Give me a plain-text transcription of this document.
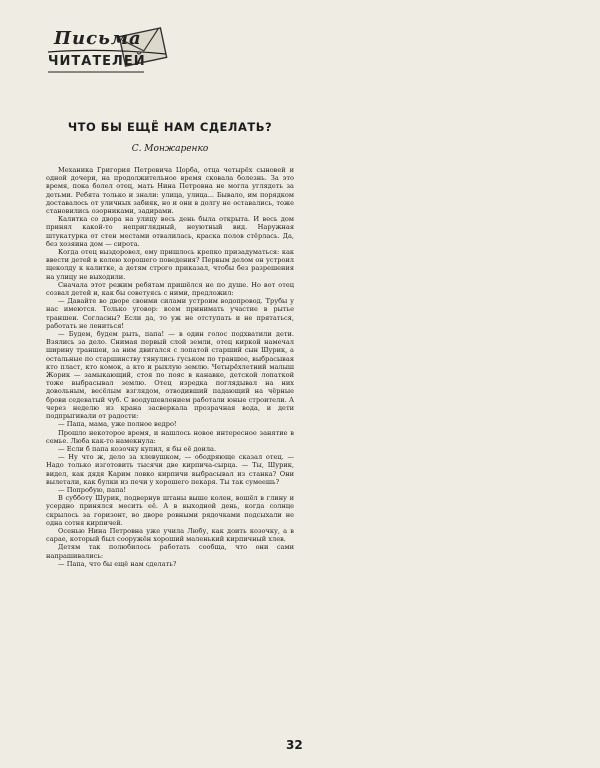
Письма
ЧИТАТЕЛЕЙ
ЧТО БЫ ЕЩЁ НАМ СДЕЛАТЬ?
С. Монжаренко

Механика Григория Петровича Цорба, отца четырёх сыновей и одной дочери, на продолжительное время сковала болезнь. За это время, пока болел отец, мать Нина Петровна не могла углядеть за детьми. Ребята только и знали: улица, улица... Бывало, им порядком доставалось от уличных забияк, но и они в долгу не оставались, тоже становились озорниками, задирами.

Калитка со двора на улицу весь день была открыта. И весь дом принял какой-то неприглядный, неуютный вид. Наружная штукатурка от стен местами отвалилась, краска полов стёрлась. Да, без хозяина дом — сирота.

Когда отец выздоровел, ему пришлось крепко призадуматься: как ввести детей в колею хорошего поведения? Первым делом он устроил щеколду к калитке, а детям строго приказал, чтобы без разрешения на улицу не выходили.

Сначала этот режим ребятам пришёлся не по душе. Но вот отец созвал детей и, как бы советуясь с ними, предложил:

— Давайте во дворе своими силами устроим водопровод. Трубы у нас имеются. Только уговор: всем принимать участие в рытье траншеи. Согласны? Если да, то уж не отступать и не прятаться, работать не лениться!

— Будем, будем рыть, папа! — в один голос подхватили дети. Взялись за дело. Снимая первый слой земли, отец киркой намечал ширину траншеи, за ним двигался с лопатой старший сын Шурик, а остальные по старшинству тянулись гуськом по траншее, выбрасывая кто пласт, кто комок, а кто и рыхлую землю. Четырёхлетний малыш Жорик — замыкающий, стоя по пояс в канавке, детской лопаткой тоже выбрасывал землю. Отец изредка поглядывал на них довольным, весёлым взглядом, отводивший падающий на чёрные брови седеватый чуб. С воодушевлением работали юные строители. А через неделю из крана засверкала прозрачная вода, и дети подпрыгивали от радости:

— Папа, мама, уже полное ведро!

Прошло некоторое время, и нашлось новое интересное занятие в семье. Люба как-то намекнула:

— Если б папа козочку купил, я бы её доила.

— Ну что ж, дело за хлевушком, — ободряюще сказал отец. — Надо только изготовить тысячи две кирпича-сырца. — Ты, Шурик, видел, как дядя Карим ловко кирпичи выбрасывал из станка? Они вылетали, как булки из печи у хорошего пекаря. Ты так сумеешь?

— Попробую, папа!

В субботу Шурик, подвернув штаны выше колен, вошёл в глину и усердно принялся месить её. А в выходной день, когда солнце скрылось за горизонт, во дворе ровными рядочками подсыхали не одна сотня кирпичей.

Осенью Нина Петровна уже учила Любу, как доить козочку, а в сарае, который был сооружён хороший маленький кирпичный хлев.

Детям так полюбилось работать сообща, что они сами напрашивались:

— Папа, что бы ещё нам сделать?

32
